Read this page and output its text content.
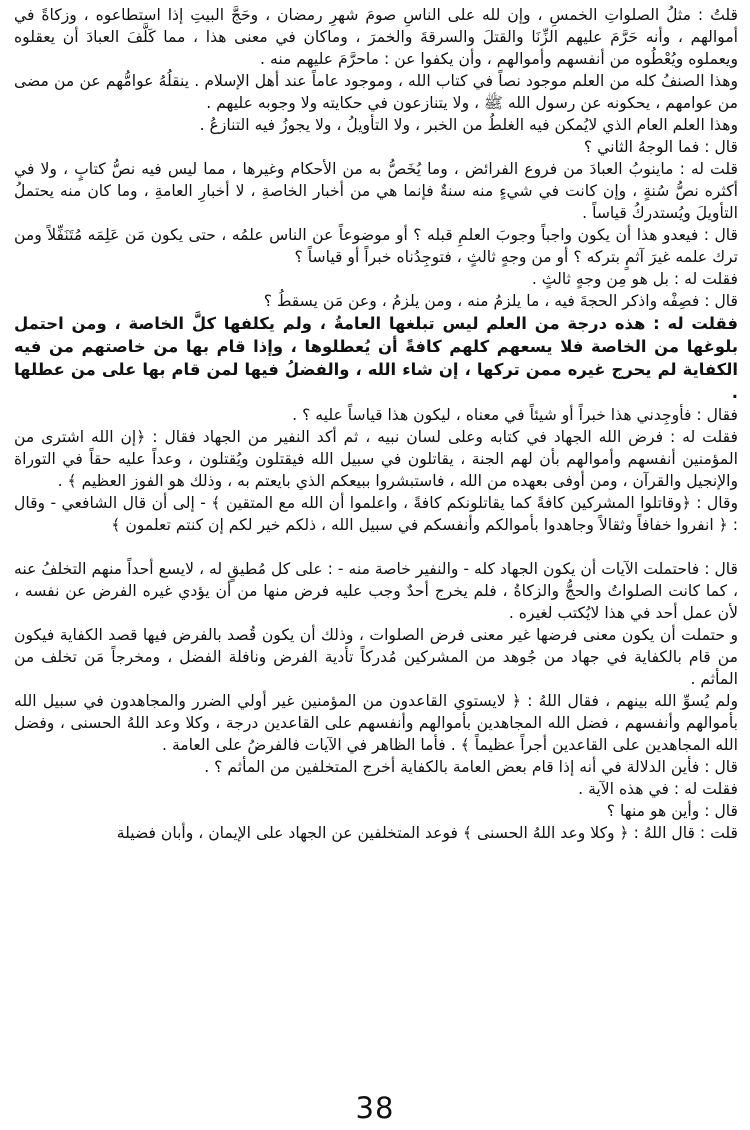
قلتُ : مثلُ الصلواتِ الخمسِ ، وإن لله على الناسِ صومَ شهرِ رمضان ، وحَجَّ البيتِ إذا استطاعوه ، وزكاةً في أموالهم ، وأنه حَرَّمَ عليهم الزِّنَا والقتلَ والسرقةَ والخمرَ ، وماكان في معنى هذا ، مما كَلَّفَ العبادَ أن يعقلوه ويعملوه ويُعْطُوه من أنفسهم وأموالهم ، وأن يكفوا عن : ماحرَّمَ عليهم منه .

وهذا الصنفُ كله من العلم موجود نصاً في كتاب الله ، وموجود عاماً عند أهل الإسلام . ينقلُهُ عوامُّهم عن من مضى من عوامهم ، يحكونه عن رسول الله ﷺ ، ولا يتنازعون في حكايته ولا وجوبه عليهم .

وهذا العلم العام الذي لايُمكن فيه الغلطُ من الخبر ، ولا التأويلُ ، ولا يجوزُ فيه التنازعُ .

قال : فما الوجهُ الثاني ؟

قلت له : ماينوبُ العبادَ من فروع الفرائض ، وما يُخَصُّ به من الأحكام وغيرها ، مما ليس فيه نصُّ كتابٍ ، ولا في أكثره نصُّ سُنةٍ ، وإن كانت في شيءٍ منه سنةٌ فإنما هي من أخبار الخاصةِ ، لا أخبارِ العامةِ ، وما كان منه يحتملُ التأويلَ ويُستدركُ قياساً .

قال : فيعدو هذا أن يكون واجباً وجوبَ العلمِ قبله ؟ أو موضوعاً عن الناس علمُه ، حتى يكون مَن عَلِمَه مُتَنَفِّلاً ومن ترك علمه غيرَ آثمٍ بتركه ؟ أو من وجهٍ ثالثٍ ، فتوجِدُناه خبراً أو قياساً ؟

فقلت له : بل هو مِن وجهٍ ثالثٍ .

قال : فصِفْه واذكر الحجةَ فيه ، ما يلزمُ منه ، ومن يلزمُ ، وعن مَن يسقطُ ؟

فقلت له : هذه درجة من العلم ليس تبلغها العامةُ ، ولم يكلفها كلَّ الخاصة ، ومن احتمل بلوغها من الخاصة فلا يسعهم كلهم كافةً أن يُعطلوها ، وإذا قام بها من خاصتهم من فيه الكفاية لم يحرج غيره ممن تركها ، إن شاء الله ، والفضلُ فيها لمن قام بها على من عطلها .

فقال : فأوجِدني هذا خبراً أو شيئاً في معناه ، ليكون هذا قياساً عليه ؟ .

فقلت له : فرض الله الجهاد في كتابه وعلى لسان نبيه ، ثم أكد النفير من الجهاد فقال : ﴿إن الله اشترى من المؤمنين أنفسهم وأموالهم بأن لهم الجنة ، يقاتلون في سبيل الله فيقتلون ويُقتلون ، وعداً عليه حقاً في التوراة والإنجيل والقرآن ، ومن أوفى بعهده من الله ، فاستبشروا ببيعكم الذي بايعتم به ، وذلك هو الفوز العظيم ﴾ .

وقال : ﴿وقاتلوا المشركين كافةً كما يقاتلونكم كافةً ، واعلموا أن الله مع المتقين ﴾ - إلى أن قال الشافعي - وقال : ﴿ انفروا خفافاً وثقالاً وجاهدوا بأموالكم وأنفسكم في سبيل الله ، ذلكم خير لكم إن كنتم تعلمون ﴾

قال : فاحتملت الآيات أن يكون الجهاد كله - والنفير خاصة منه - : على كل مُطيقٍ له ، لايسع أحداً منهم التخلفُ عنه ، كما كانت الصلواتُ والحجُّ والزكاةُ ، فلم يخرج أحدٌ وجب عليه فرض منها من أن يؤدي غيره الفرض عن نفسه ، لأن عمل أحد في هذا لايُكتب لغيره .

و حتملت أن يكون معنى فرضها غير معنى فرض الصلوات ، وذلك أن يكون قُصد بالفرض فيها قصد الكفاية فيكون من قام بالكفاية في جهاد من جُوهد من المشركين مُدركاً تأدية الفرض ونافلة الفضل ، ومخرجاً مَن تخلف من المأثم .

ولم يُسوِّ الله بينهم ، فقال اللهُ : ﴿ لايستوي القاعدون من المؤمنين غير أولي الضرر والمجاهدون في سبيل الله بأموالهم وأنفسهم ، فضل الله المجاهدين بأموالهم وأنفسهم على القاعدين درجة ، وكلا وعد اللهُ الحسنى ، وفضل الله المجاهدين على القاعدين أجراً عظيماً ﴾ . فأما الظاهر في الآيات فالفرضُ على العامة .

قال : فأين الدلالة في أنه إذا قام بعض العامة بالكفاية أخرج المتخلفين من المأثم ؟ .

فقلت له : في هذه الآية .

قال : وأين هو منها ؟

قلت : قال اللهُ : ﴿ وكلا وعد اللهُ الحسنى ﴾ فوعد المتخلفين عن الجهاد على الإيمان ، وأبان فضيلة

38
